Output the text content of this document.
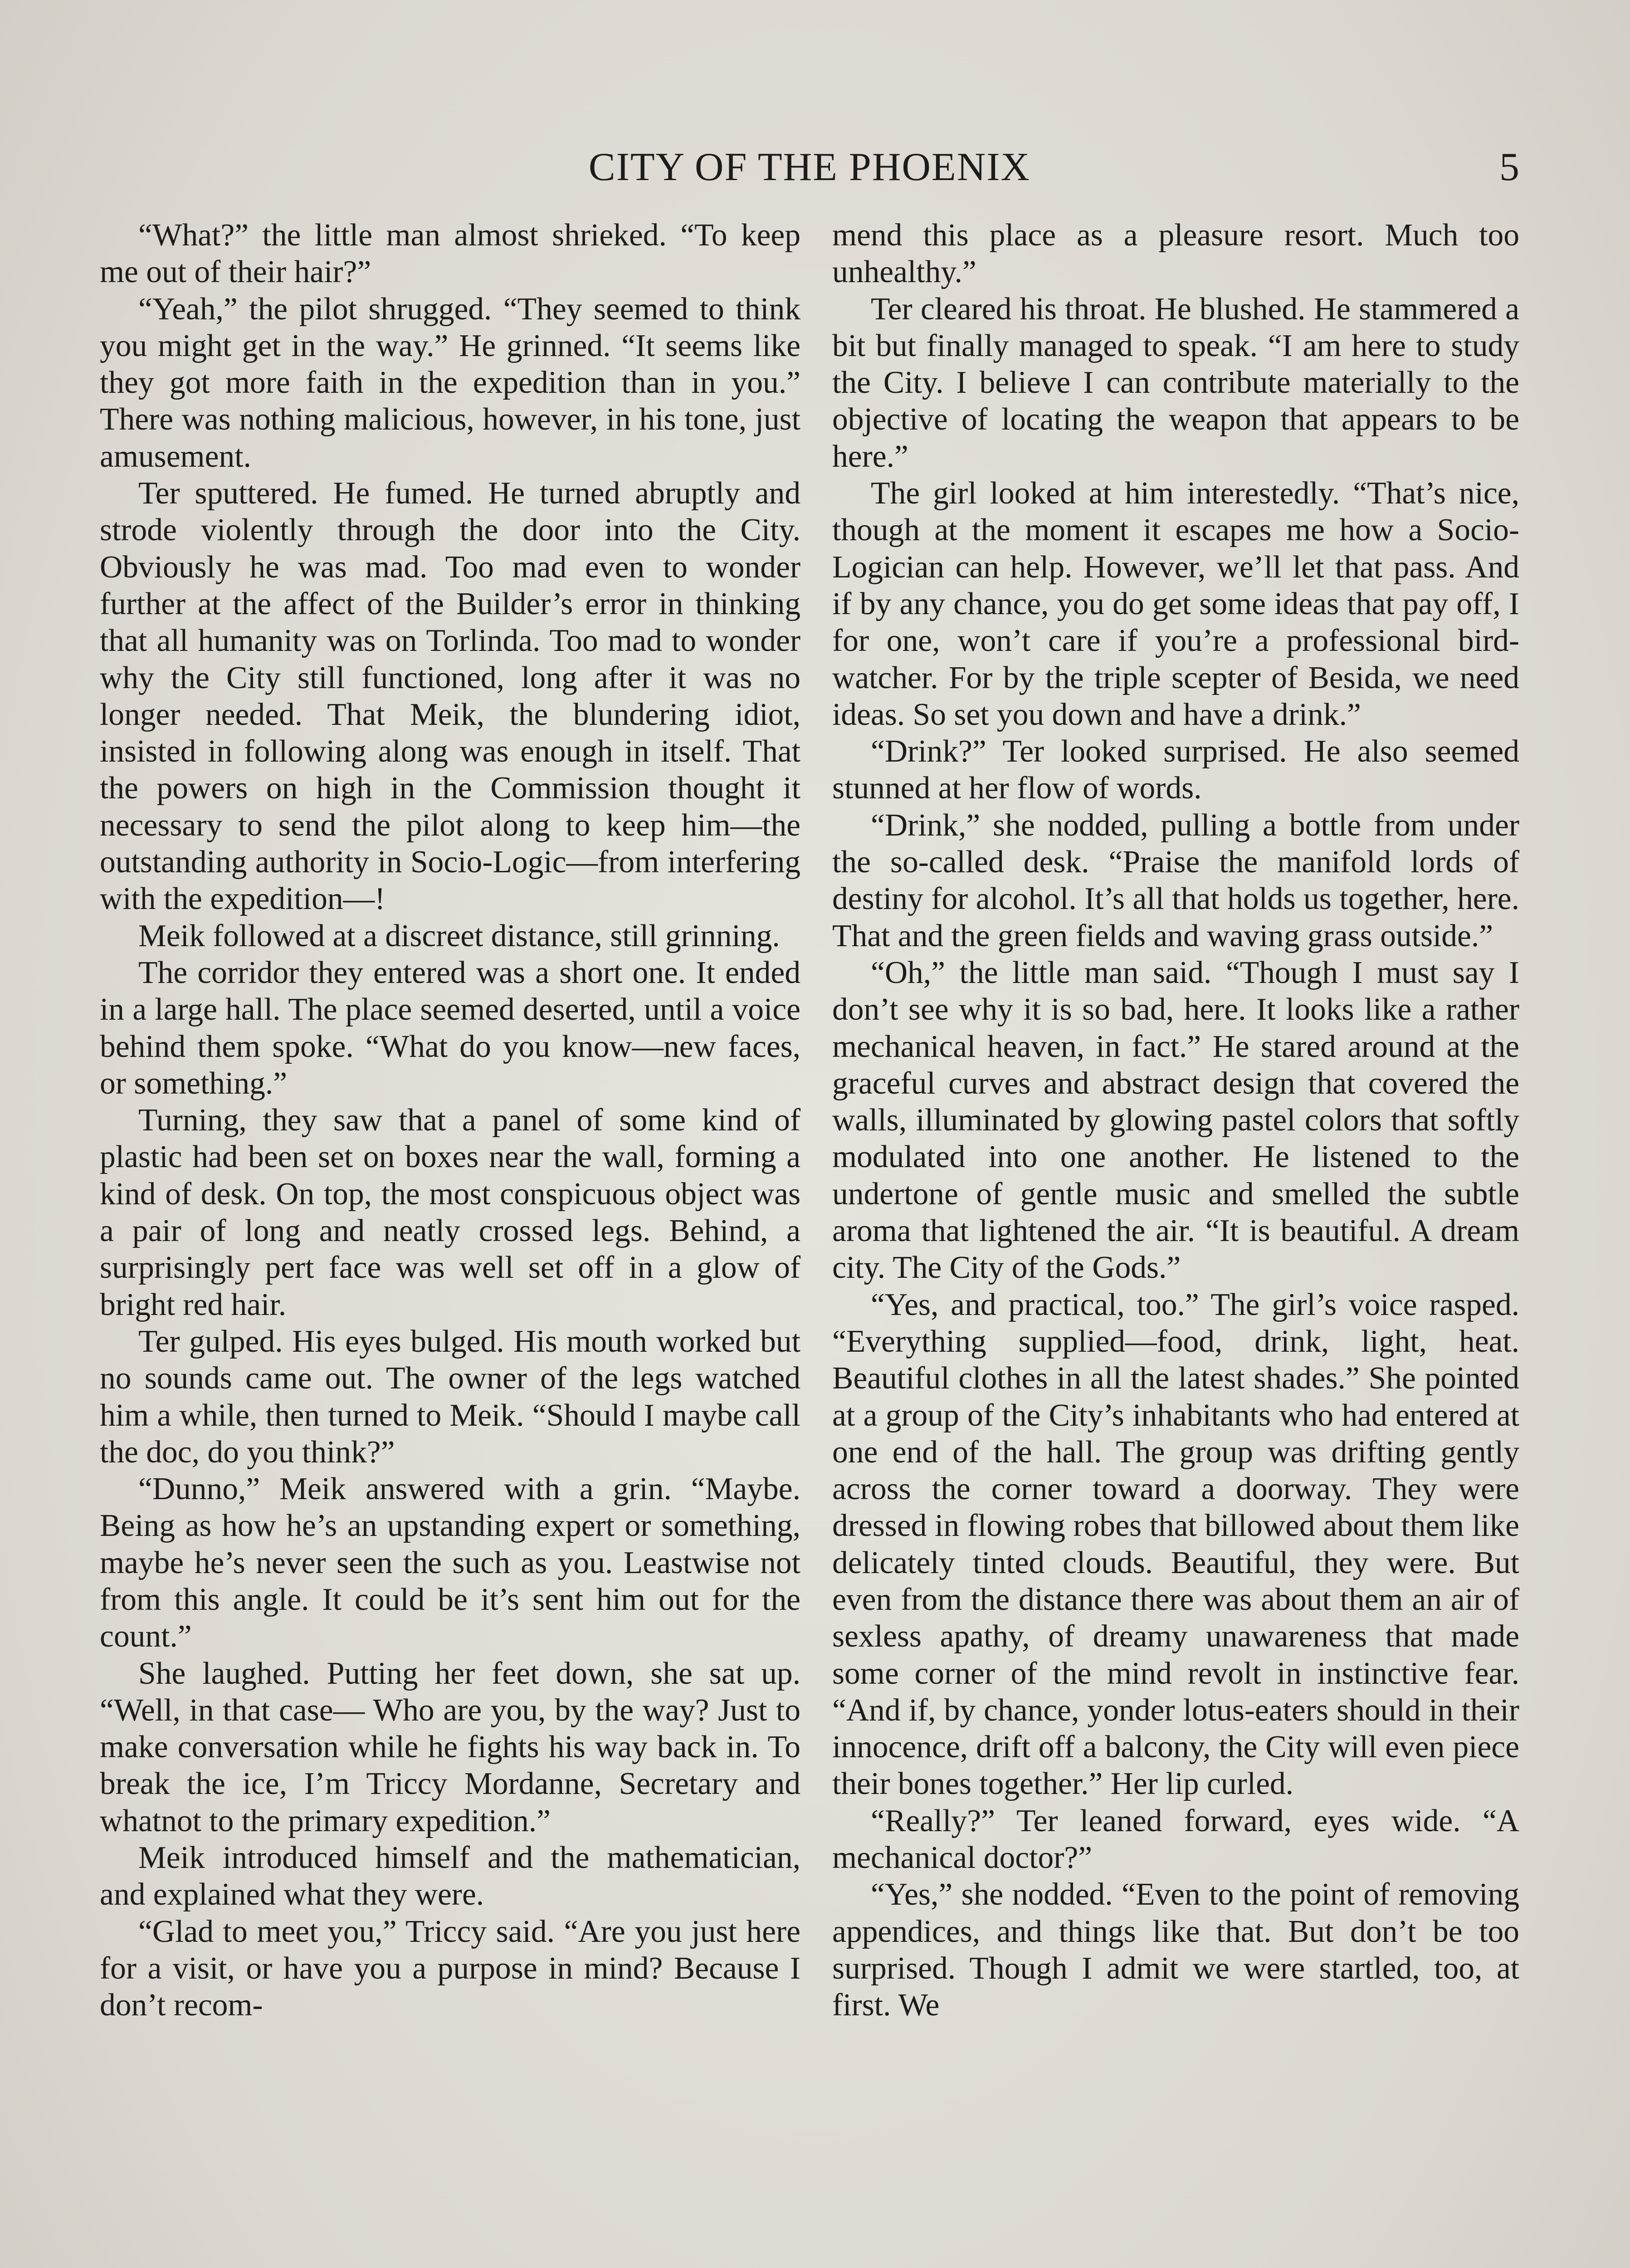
CITY OF THE PHOENIX	5

“What?” the little man almost shrieked. “To keep me out of their hair?”

“Yeah,” the pilot shrugged. “They seemed to think you might get in the way.” He grinned. “It seems like they got more faith in the expedition than in you.” There was nothing malicious, however, in his tone, just amusement.

Ter sputtered. He fumed. He turned abruptly and strode violently through the door into the City. Obviously he was mad. Too mad even to wonder further at the affect of the Builder’s error in thinking that all humanity was on Torlinda. Too mad to wonder why the City still functioned, long after it was no longer needed. That Meik, the blundering idiot, insisted in following along was enough in itself. That the powers on high in the Commission thought it necessary to send the pilot along to keep him—the outstanding authority in Socio-Logic—from interfering with the expedition—!

Meik followed at a discreet distance, still grinning.

The corridor they entered was a short one. It ended in a large hall. The place seemed deserted, until a voice behind them spoke. “What do you know—new faces, or something.”

Turning, they saw that a panel of some kind of plastic had been set on boxes near the wall, forming a kind of desk. On top, the most conspicuous object was a pair of long and neatly crossed legs. Behind, a surprisingly pert face was well set off in a glow of bright red hair.

Ter gulped. His eyes bulged. His mouth worked but no sounds came out. The owner of the legs watched him a while, then turned to Meik. “Should I maybe call the doc, do you think?”

“Dunno,” Meik answered with a grin. “Maybe. Being as how he’s an upstanding expert or something, maybe he’s never seen the such as you. Leastwise not from this angle. It could be it’s sent him out for the count.”

She laughed. Putting her feet down, she sat up. “Well, in that case— Who are you, by the way? Just to make conversation while he fights his way back in. To break the ice, I’m Triccy Mordanne, Secretary and whatnot to the primary expedition.”

Meik introduced himself and the mathematician, and explained what they were.

“Glad to meet you,” Triccy said. “Are you just here for a visit, or have you a purpose in mind? Because I don’t recom-

mend this place as a pleasure resort. Much too unhealthy.”

Ter cleared his throat. He blushed. He stammered a bit but finally managed to speak. “I am here to study the City. I believe I can contribute materially to the objective of locating the weapon that appears to be here.”

The girl looked at him interestedly. “That’s nice, though at the moment it escapes me how a Socio-Logician can help. However, we’ll let that pass. And if by any chance, you do get some ideas that pay off, I for one, won’t care if you’re a professional bird-watcher. For by the triple scepter of Besida, we need ideas. So set you down and have a drink.”

“Drink?” Ter looked surprised. He also seemed stunned at her flow of words.

“Drink,” she nodded, pulling a bottle from under the so-called desk. “Praise the manifold lords of destiny for alcohol. It’s all that holds us together, here. That and the green fields and waving grass outside.”

“Oh,” the little man said. “Though I must say I don’t see why it is so bad, here. It looks like a rather mechanical heaven, in fact.” He stared around at the graceful curves and abstract design that covered the walls, illuminated by glowing pastel colors that softly modulated into one another. He listened to the undertone of gentle music and smelled the subtle aroma that lightened the air. “It is beautiful. A dream city. The City of the Gods.”

“Yes, and practical, too.” The girl’s voice rasped. “Everything supplied—food, drink, light, heat. Beautiful clothes in all the latest shades.” She pointed at a group of the City’s inhabitants who had entered at one end of the hall. The group was drifting gently across the corner toward a doorway. They were dressed in flowing robes that billowed about them like delicately tinted clouds. Beautiful, they were. But even from the distance there was about them an air of sexless apathy, of dreamy unawareness that made some corner of the mind revolt in instinctive fear. “And if, by chance, yonder lotus-eaters should in their innocence, drift off a balcony, the City will even piece their bones together.” Her lip curled.

“Really?” Ter leaned forward, eyes wide. “A mechanical doctor?”

“Yes,” she nodded. “Even to the point of removing appendices, and things like that. But don’t be too surprised. Though I admit we were startled, too, at first. We
